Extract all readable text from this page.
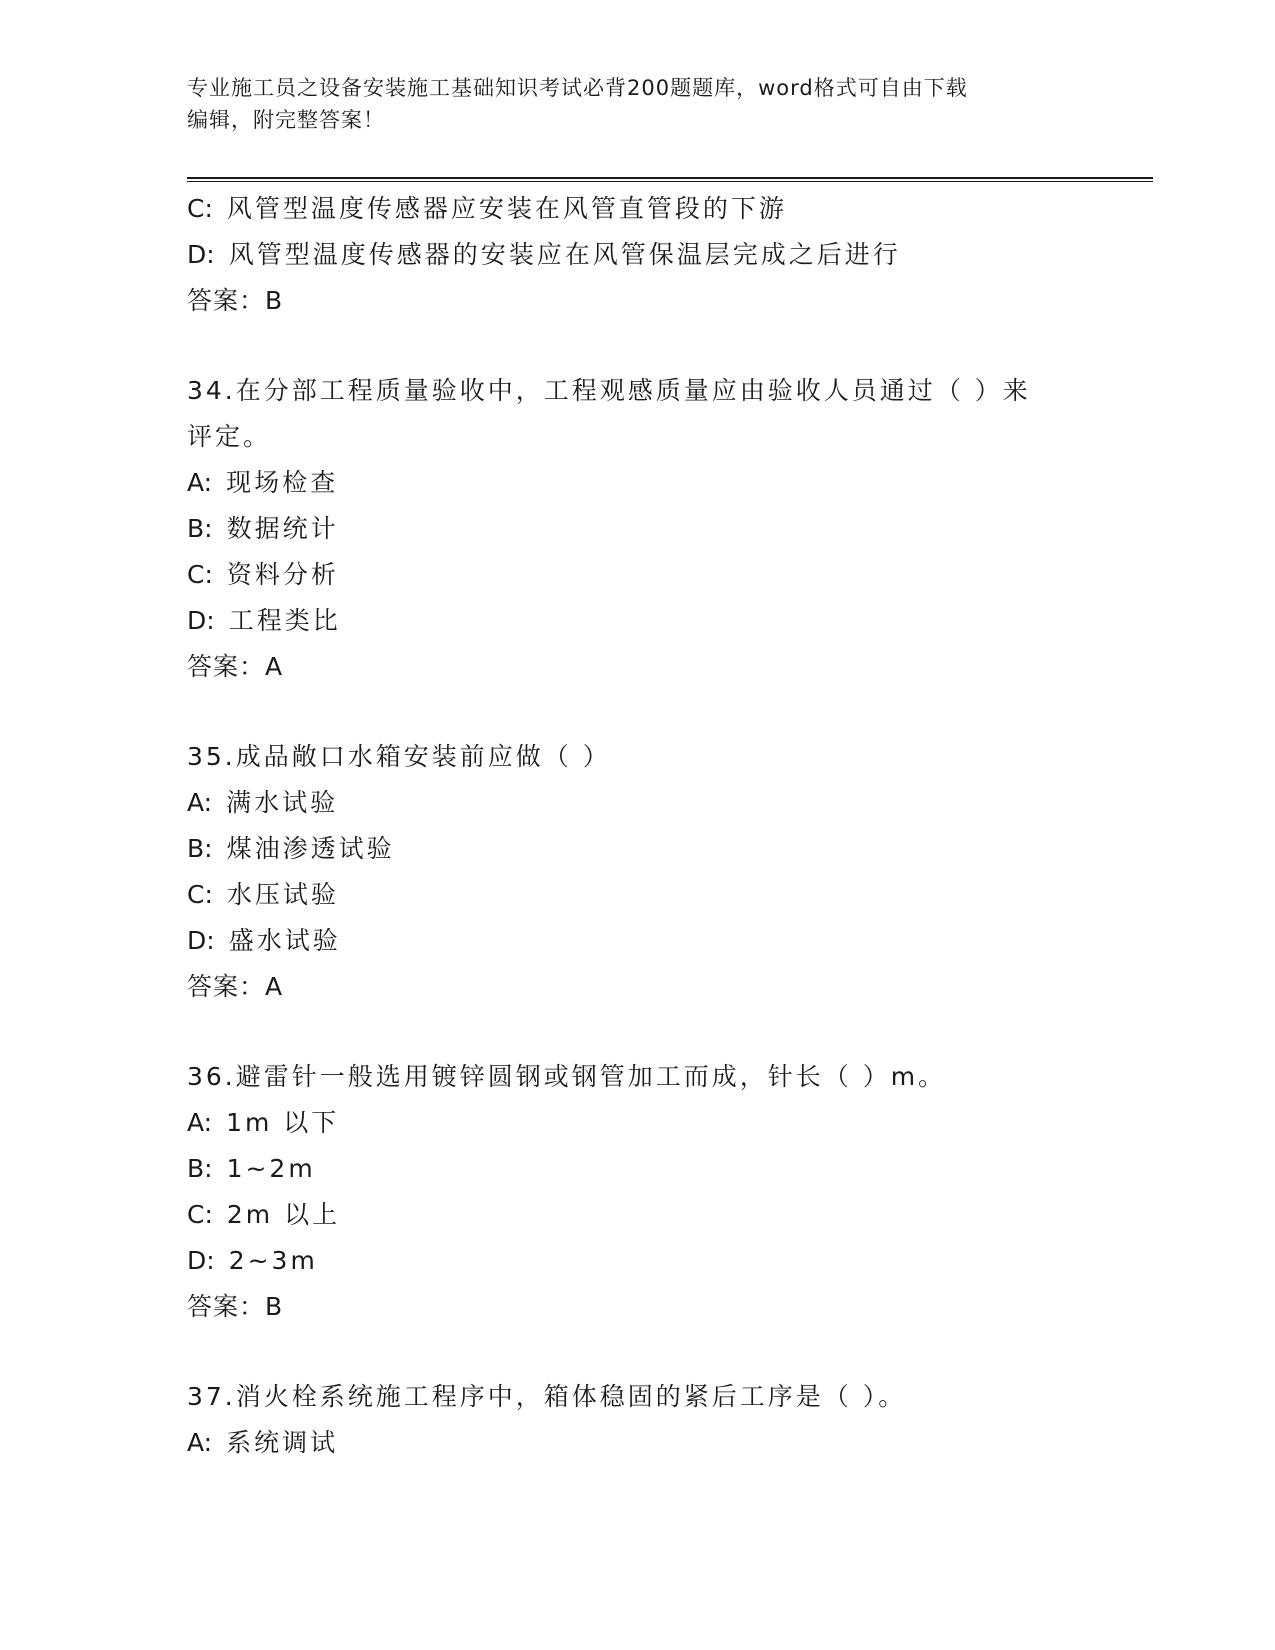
专业施工员之设备安装施工基础知识考试必背200题题库，word格式可自由下载
编辑，附完整答案！
C: 风管型温度传感器应安装在风管直管段的下游
D: 风管型温度传感器的安装应在风管保温层完成之后进行
答案：B
34.在分部工程质量验收中，工程观感质量应由验收人员通过（ ）来
评定。
A: 现场检查
B: 数据统计
C: 资料分析
D: 工程类比
答案：A
35.成品敞口水箱安装前应做（ ）
A: 满水试验
B: 煤油渗透试验
C: 水压试验
D: 盛水试验
答案：A
36.避雷针一般选用镀锌圆钢或钢管加工而成，针长（ ）m。
A: 1m 以下
B: 1~2m
C: 2m 以上
D: 2~3m
答案：B
37.消火栓系统施工程序中，箱体稳固的紧后工序是（ ）。
A: 系统调试
